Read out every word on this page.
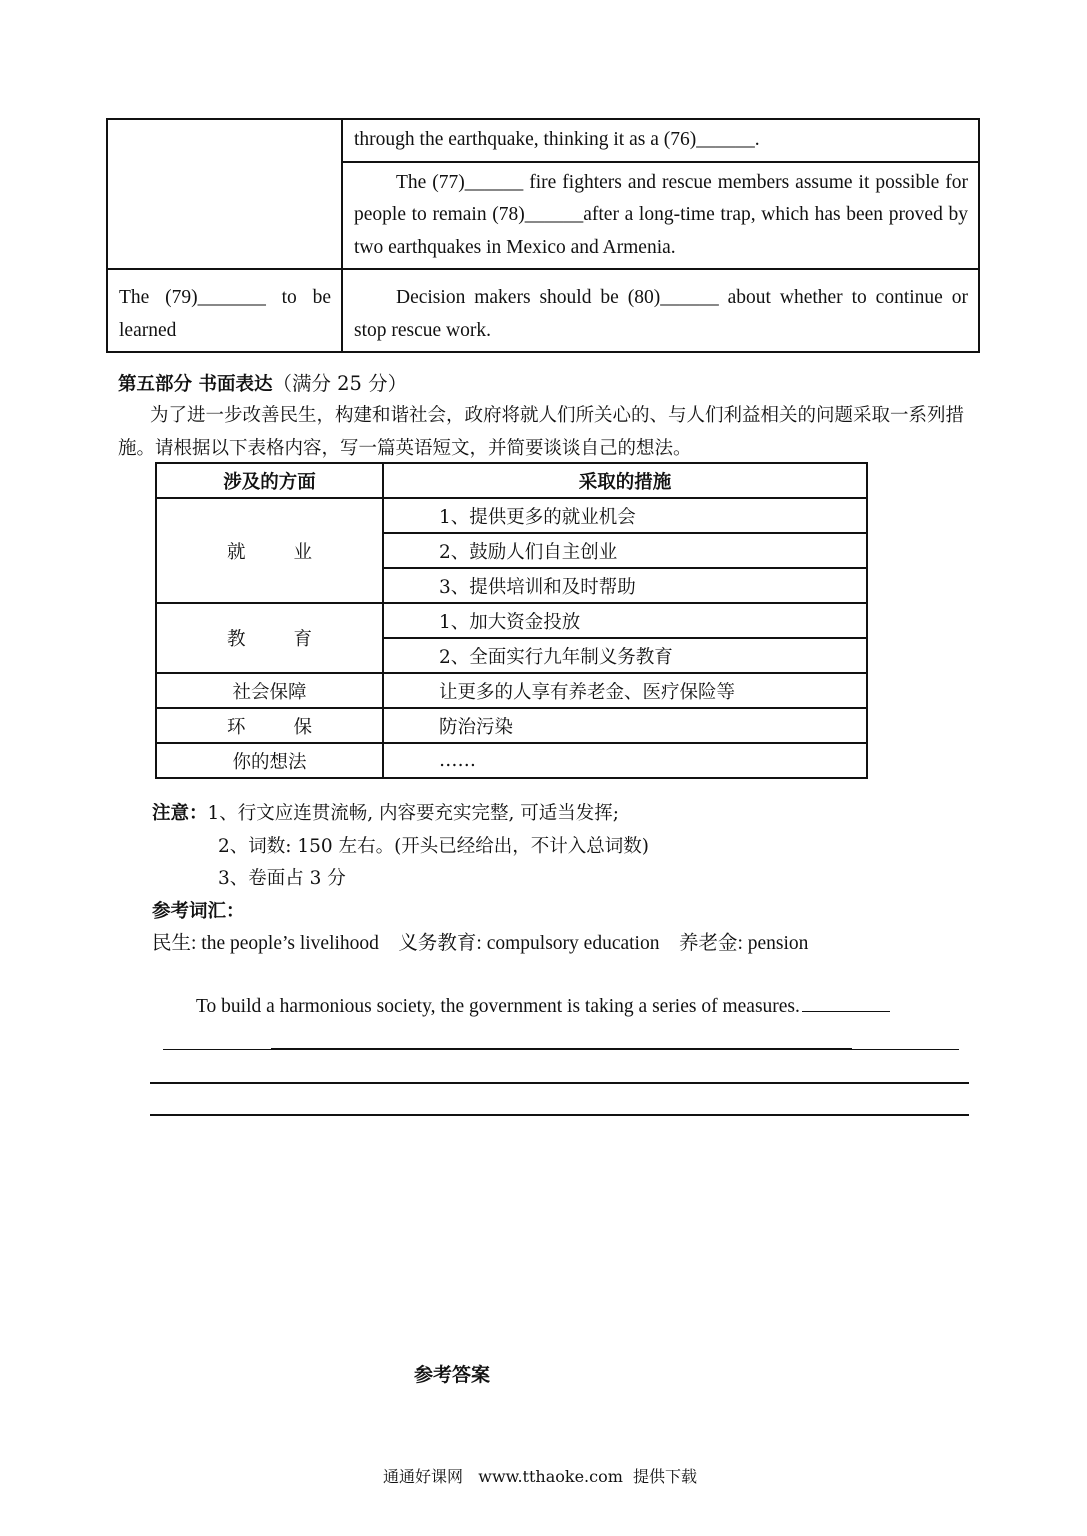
	through the earthquake, thinking it as a (76)______.

	The (77)______ fire fighters and rescue members assume it possible for people to remain (78)______after a long-time trap, which has been proved by two earthquakes in Mexico and Armenia.

The (79)_______ to be learned	Decision makers should be (80)______ about whether to continue or stop rescue work.
第五部分 书面表达（满分 25 分）
为了进一步改善民生，构建和谐社会，政府将就人们所关心的、与人们利益相关的问题采取一系列措施。请根据以下表格内容，写一篇英语短文，并简要谈谈自己的想法。
涉及的方面	采取的措施
就业	1、提供更多的就业机会
	2、鼓励人们自主创业
	3、提供培训和及时帮助
教育	1、加大资金投放
	2、全面实行九年制义务教育
社会保障	让更多的人享有养老金、医疗保险等
环保	防治污染
你的想法	……
注意：1、行文应连贯流畅, 内容要充实完整, 可适当发挥;
2、词数: 150 左右。(开头已经给出，不计入总词数)
3、卷面占 3 分
参考词汇：
民生: the people’s livelihood    义务教育: compulsory education    养老金: pension
To build a harmonious society, the government is taking a series of measures.
参考答案
通通好课网   www.tthaoke.com  提供下载
